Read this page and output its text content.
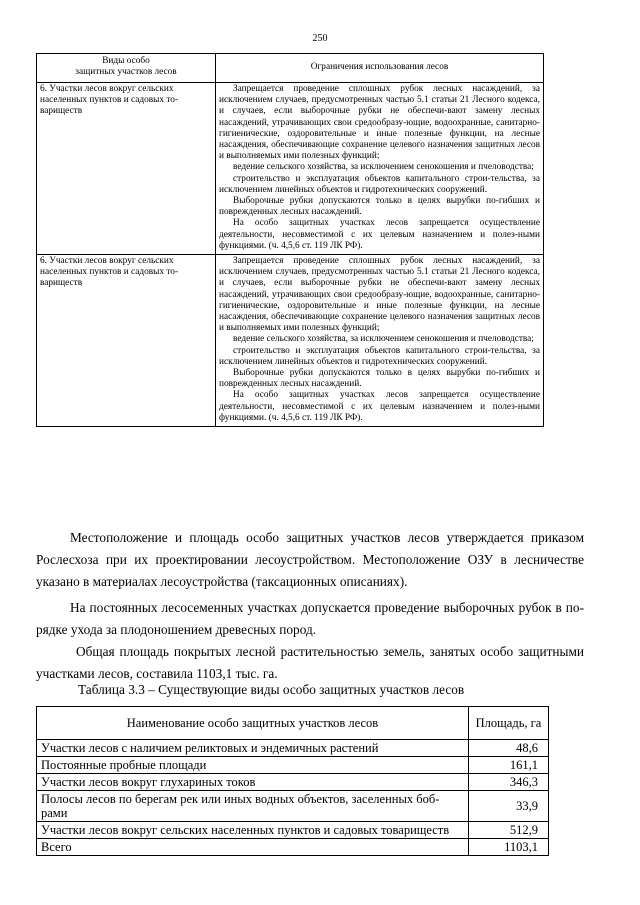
250
Виды особо
защитных участков лесов	Ограничения использования лесов
6. Участки лесов вокруг сельских населенных пунктов и садовых то-вариществ	Запрещается проведение сплошных рубок лесных насаждений, за исключением случаев, предусмотренных частью 5.1 статьи 21 Лесного кодекса, и случаев, если выборочные рубки не обеспечи-вают замену лесных насаждений, утрачивающих свои средообразу-ющие, водоохранные, санитарно-гигиенические, оздоровительные и иные полезные функции, на лесные насаждения, обеспечивающие сохранение целевого назначения защитных лесов и выполняемых ими полезных функций;

ведение сельского хозяйства, за исключением сенокошения и пчеловодства;

строительство и эксплуатация объектов капитального строи-тельства, за исключением линейных объектов и гидротехнических сооружений.

Выборочные рубки допускаются только в целях вырубки по-гибших и поврежденных лесных насаждений.

На особо защитных участках лесов запрещается осуществление деятельности, несовместимой с их целевым назначением и полез-ными функциями. (ч. 4,5,6 ст. 119 ЛК РФ).

6. Участки лесов вокруг сельских населенных пунктов и садовых то-вариществ	Запрещается проведение сплошных рубок лесных насаждений, за исключением случаев, предусмотренных частью 5.1 статьи 21 Лесного кодекса, и случаев, если выборочные рубки не обеспечи-вают замену лесных насаждений, утрачивающих свои средообразу-ющие, водоохранные, санитарно-гигиенические, оздоровительные и иные полезные функции, на лесные насаждения, обеспечивающие сохранение целевого назначения защитных лесов и выполняемых ими полезных функций;

ведение сельского хозяйства, за исключением сенокошения и пчеловодства;

строительство и эксплуатация объектов капитального строи-тельства, за исключением линейных объектов и гидротехнических сооружений.

Выборочные рубки допускаются только в целях вырубки по-гибших и поврежденных лесных насаждений.

На особо защитных участках лесов запрещается осуществление деятельности, несовместимой с их целевым назначением и полез-ными функциями. (ч. 4,5,6 ст. 119 ЛК РФ).

Местоположение и площадь особо защитных участков лесов утверждается приказом Рослесхоза при их проектировании лесоустройством. Местоположение ОЗУ в лесничестве указано в материалах лесоустройства (таксационных описаниях).

На постоянных лесосеменных участках допускается проведение выборочных рубок в по-рядке ухода за плодоношением древесных пород.

Общая площадь покрытых лесной растительностью земель, занятых особо защитными участками лесов, составила 1103,1 тыс. га.

Таблица 3.3 – Существующие виды особо защитных участков лесов

Наименование особо защитных участков лесов	Площадь, га
Участки лесов с наличием реликтовых и эндемичных растений	48,6
Постоянные пробные площади	161,1
Участки лесов вокруг глухариных токов	346,3
Полосы лесов по берегам рек или иных водных объектов, заселенных боб-рами	33,9
Участки лесов вокруг сельских населенных пунктов и садовых товариществ	512,9
Всего	1103,1
